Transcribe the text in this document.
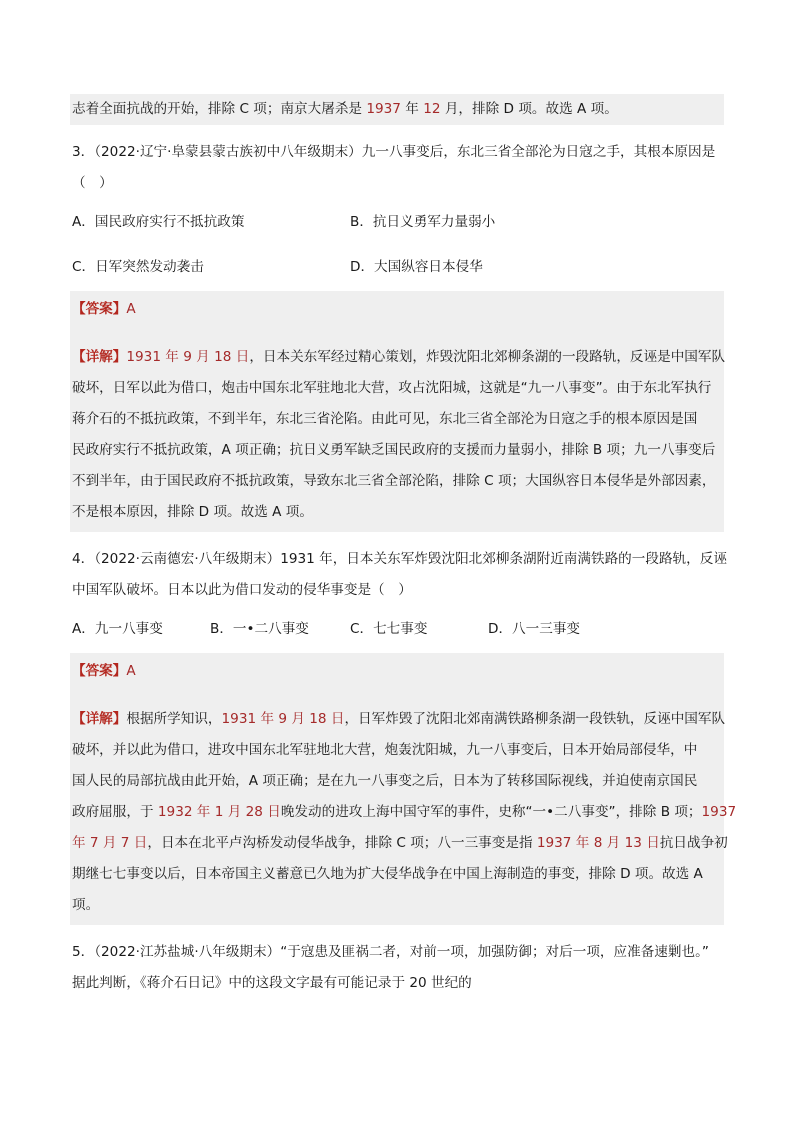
志着全面抗战的开始，排除 C 项；南京大屠杀是 1937 年 12 月，排除 D 项。故选 A 项。
3．（2022·辽宁·阜蒙县蒙古族初中八年级期末）九一八事变后，东北三省全部沦为日寇之手，其根本原因是
（　）
A．国民政府实行不抵抗政策	B．抗日义勇军力量弱小
C．日军突然发动袭击	D．大国纵容日本侵华
【答案】A
【详解】1931 年 9 月 18 日，日本关东军经过精心策划，炸毁沈阳北郊柳条湖的一段路轨，反诬是中国军队
破坏，日军以此为借口，炮击中国东北军驻地北大营，攻占沈阳城，这就是“九一八事变”。由于东北军执行
蒋介石的不抵抗政策，不到半年，东北三省沦陷。由此可见，东北三省全部沦为日寇之手的根本原因是国
民政府实行不抵抗政策，A 项正确；抗日义勇军缺乏国民政府的支援而力量弱小，排除 B 项；九一八事变后
不到半年，由于国民政府不抵抗政策，导致东北三省全部沦陷，排除 C 项；大国纵容日本侵华是外部因素，
不是根本原因，排除 D 项。故选 A 项。
4．（2022·云南德宏·八年级期末）1931 年，日本关东军炸毁沈阳北郊柳条湖附近南满铁路的一段路轨，反诬
中国军队破坏。日本以此为借口发动的侵华事变是（　）
A．九一八事变	B．一•二八事变	C．七七事变	D．八一三事变
【答案】A
【详解】根据所学知识，1931 年 9 月 18 日，日军炸毁了沈阳北郊南满铁路柳条湖一段铁轨，反诬中国军队
破坏，并以此为借口，进攻中国东北军驻地北大营，炮轰沈阳城，九一八事变后，日本开始局部侵华，中
国人民的局部抗战由此开始，A 项正确；是在九一八事变之后，日本为了转移国际视线，并迫使南京国民
政府屈服，于 1932 年 1 月 28 日晚发动的进攻上海中国守军的事件，史称“一•二八事变”，排除 B 项；1937
年 7 月 7 日，日本在北平卢沟桥发动侵华战争，排除 C 项；八一三事变是指 1937 年 8 月 13 日抗日战争初
期继七七事变以后，日本帝国主义蓄意已久地为扩大侵华战争在中国上海制造的事变，排除 D 项。故选 A
项。
5．（2022·江苏盐城·八年级期末）“于寇患及匪祸二者，对前一项，加强防御；对后一项，应准备速剿也。”
据此判断，《蒋介石日记》中的这段文字最有可能记录于 20 世纪的
